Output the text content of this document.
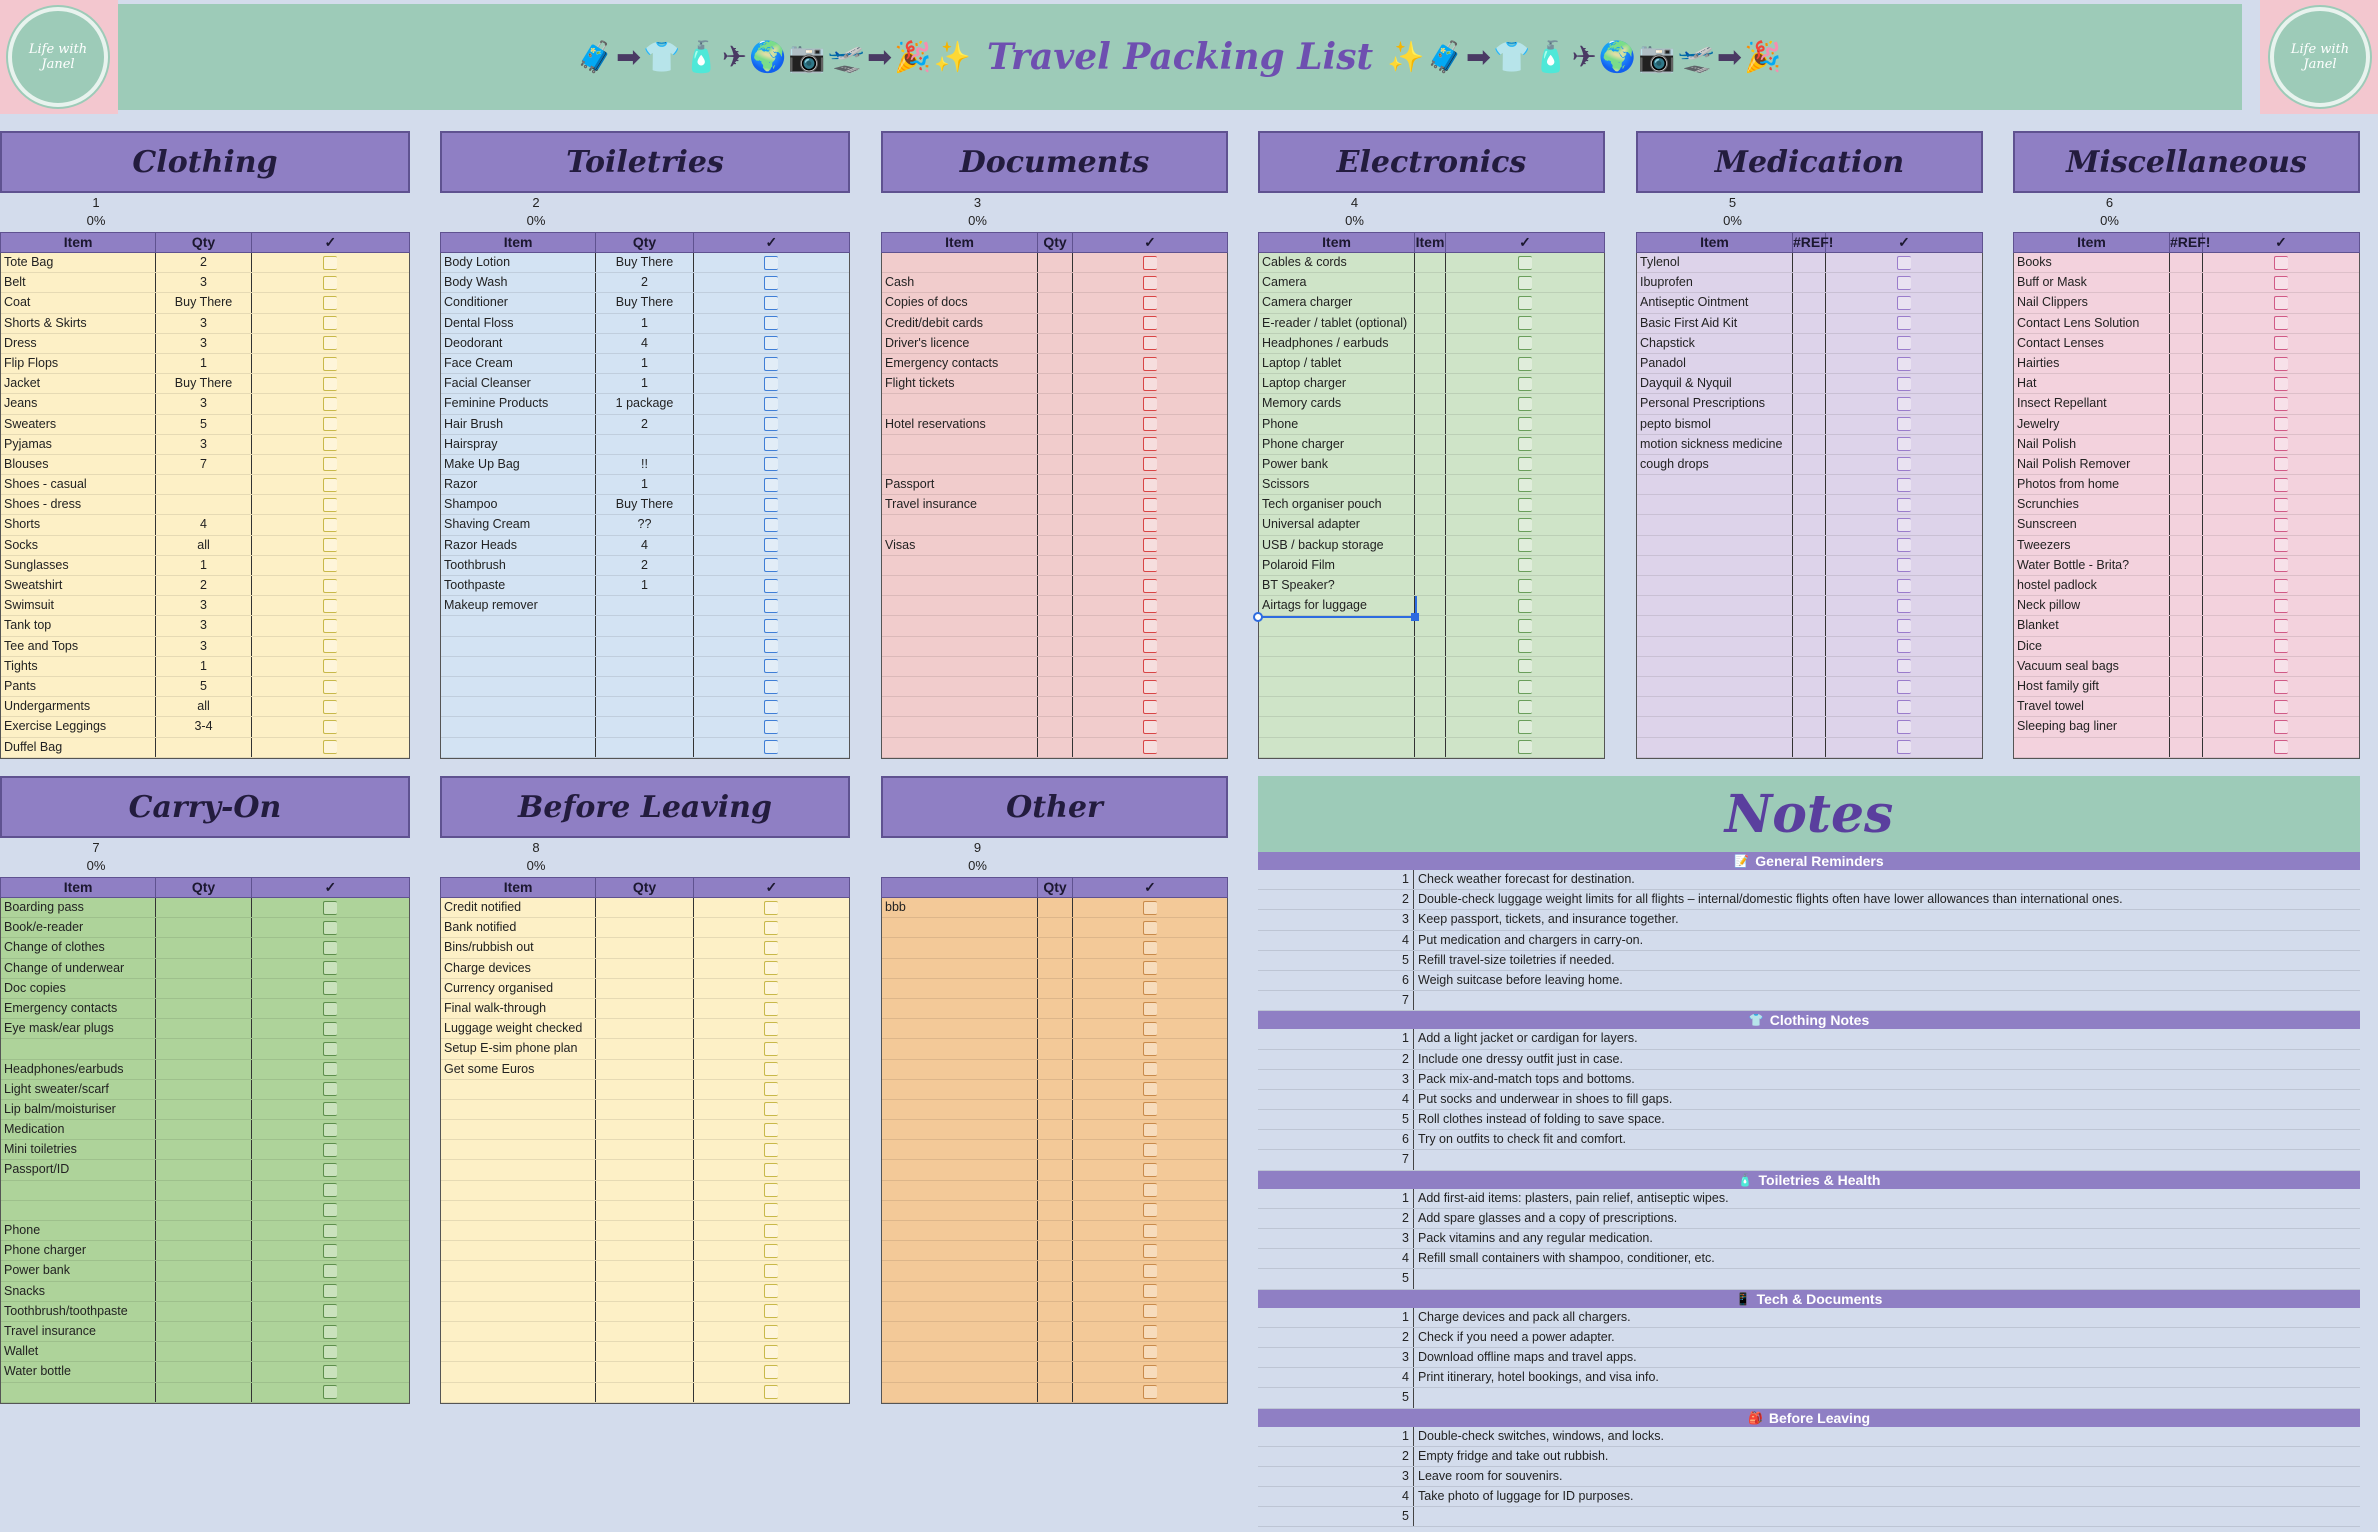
Life with Janel
Life with Janel
🧳➡👕🧴✈🌍📷🛫➡🎉✨ Travel Packing List ✨🧳➡👕🧴✈🌍📷🛫➡🎉
Clothing
1
0%
Item	Qty	✓
Tote Bag	2
Belt	3
Coat	Buy There
Shorts & Skirts	3
Dress	3
Flip Flops	1
Jacket	Buy There
Jeans	3
Sweaters	5
Pyjamas	3
Blouses	7
Shoes - casual
Shoes - dress
Shorts	4
Socks	all
Sunglasses	1
Sweatshirt	2
Swimsuit	3
Tank top	3
Tee and Tops	3
Tights	1
Pants	5
Undergarments	all
Exercise Leggings	3-4
Duffel Bag
Toiletries
2
0%
Item	Qty	✓
Body Lotion	Buy There
Body Wash	2
Conditioner	Buy There
Dental Floss	1
Deodorant	4
Face Cream	1
Facial Cleanser	1
Feminine Products	1 package
Hair Brush	2
Hairspray
Make Up Bag	!!
Razor	1
Shampoo	Buy There
Shaving Cream	??
Razor Heads	4
Toothbrush	2
Toothpaste	1
Makeup remover
Documents
3
0%
Item	Qty	✓
Cash
Copies of docs
Credit/debit cards
Driver's licence
Emergency contacts
Flight tickets
Hotel reservations
Passport
Travel insurance
Visas
Electronics
4
0%
Item	Item	✓
Cables & cords
Camera
Camera charger
E-reader / tablet (optional)
Headphones / earbuds
Laptop / tablet
Laptop charger
Memory cards
Phone
Phone charger
Power bank
Scissors
Tech organiser pouch
Universal adapter
USB / backup storage
Polaroid Film
BT Speaker?
Airtags for luggage
Medication
5
0%
Item	#REF!	✓
Tylenol
Ibuprofen
Antiseptic Ointment
Basic First Aid Kit
Chapstick
Panadol
Dayquil & Nyquil
Personal Prescriptions
pepto bismol
motion sickness medicine
cough drops
Miscellaneous
6
0%
Item	#REF!	✓
Books
Buff or Mask
Nail Clippers
Contact Lens Solution
Contact Lenses
Hairties
Hat
Insect Repellant
Jewelry
Nail Polish
Nail Polish Remover
Photos from home
Scrunchies
Sunscreen
Tweezers
Water Bottle - Brita?
hostel padlock
Neck pillow
Blanket
Dice
Vacuum seal bags
Host family gift
Travel towel
Sleeping bag liner
Carry-On
7
0%
Item	Qty	✓
Boarding pass
Book/e-reader
Change of clothes
Change of underwear
Doc copies
Emergency contacts
Eye mask/ear plugs
Headphones/earbuds
Light sweater/scarf
Lip balm/moisturiser
Medication
Mini toiletries
Passport/ID
Phone
Phone charger
Power bank
Snacks
Toothbrush/toothpaste
Travel insurance
Wallet
Water bottle
Before Leaving
8
0%
Item	Qty	✓
Credit notified
Bank notified
Bins/rubbish out
Charge devices
Currency organised
Final walk-through
Luggage weight checked
Setup E-sim phone plan
Get some Euros
Other
9
0%
Qty	✓
bbb
Notes
📝 General Reminders
1 Check weather forecast for destination.
2 Double-check luggage weight limits for all flights – internal/domestic flights often have lower allowances than international ones.
3 Keep passport, tickets, and insurance together.
4 Put medication and chargers in carry-on.
5 Refill travel-size toiletries if needed.
6 Weigh suitcase before leaving home.
7
👕 Clothing Notes
1 Add a light jacket or cardigan for layers.
2 Include one dressy outfit just in case.
3 Pack mix-and-match tops and bottoms.
4 Put socks and underwear in shoes to fill gaps.
5 Roll clothes instead of folding to save space.
6 Try on outfits to check fit and comfort.
7
🧴 Toiletries & Health
1 Add first-aid items: plasters, pain relief, antiseptic wipes.
2 Add spare glasses and a copy of prescriptions.
3 Pack vitamins and any regular medication.
4 Refill small containers with shampoo, conditioner, etc.
5
📱 Tech & Documents
1 Charge devices and pack all chargers.
2 Check if you need a power adapter.
3 Download offline maps and travel apps.
4 Print itinerary, hotel bookings, and visa info.
5
🎒 Before Leaving
1 Double-check switches, windows, and locks.
2 Empty fridge and take out rubbish.
3 Leave room for souvenirs.
4 Take photo of luggage for ID purposes.
5
